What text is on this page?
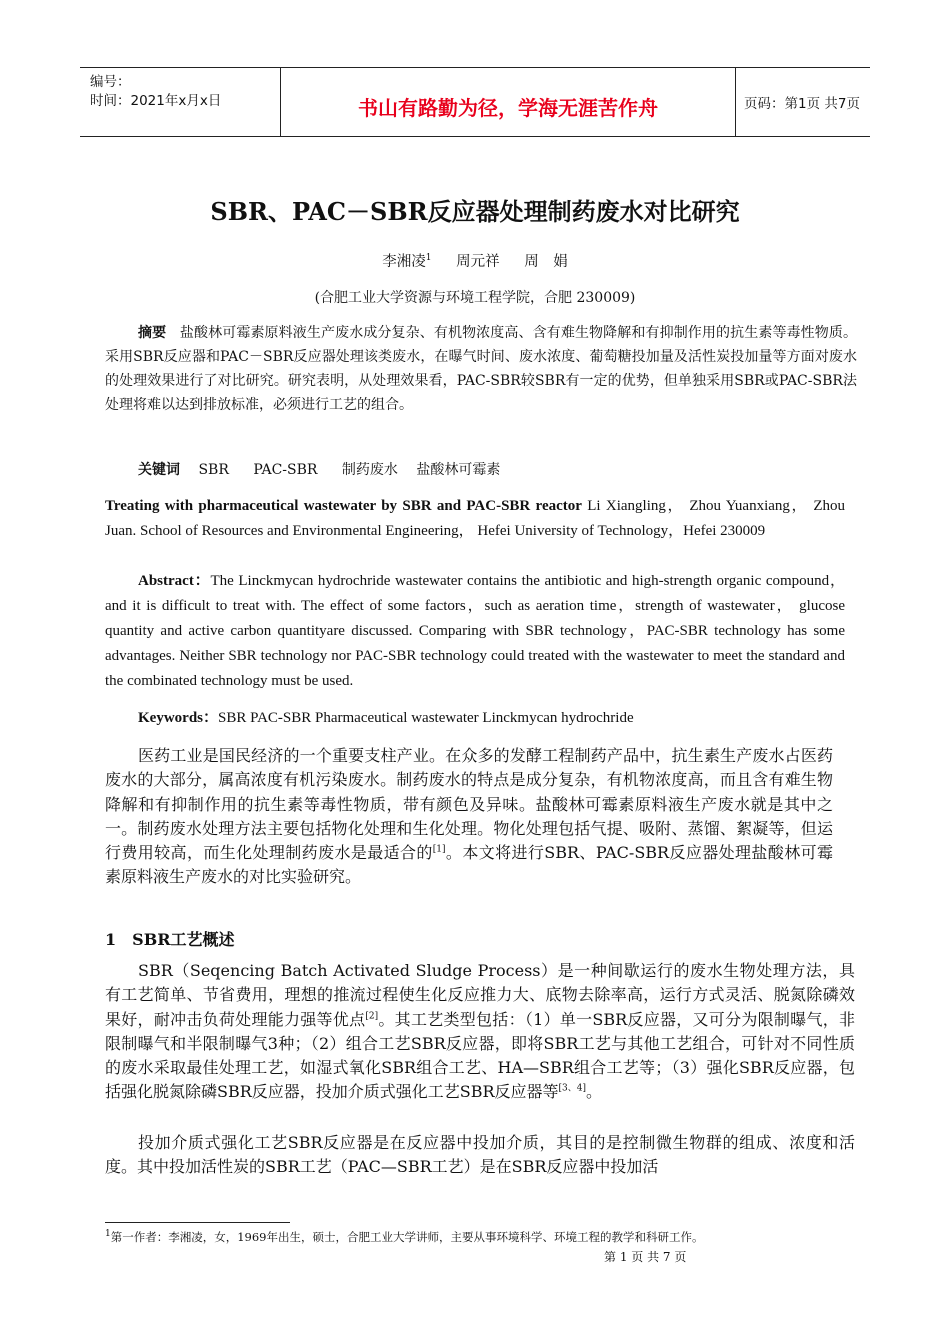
编号：
时间：2021年x月x日	书山有路勤为径，学海无涯苦作舟	页码：第1页 共7页
SBR、PAC－SBR反应器处理制药废水对比研究
李湘凌$^1$ 周元祥 周　娟
(合肥工业大学资源与环境工程学院，合肥 230009)
摘要 盐酸林可霉素原料液生产废水成分复杂、有机物浓度高、含有难生物降解和有抑制作用的抗生素等毒性物质。采用SBR反应器和PAC－SBR反应器处理该类废水，在曝气时间、废水浓度、葡萄糖投加量及活性炭投加量等方面对废水的处理效果进行了对比研究。研究表明，从处理效果看，PAC-SBR较SBR有一定的优势，但单独采用SBR或PAC-SBR法处理将难以达到排放标准，必须进行工艺的组合。
关键词 SBR PAC-SBR 制药废水 盐酸林可霉素
Treating with pharmaceutical wastewater by SBR and PAC-SBR reactor Li Xiangling， Zhou Yuanxiang， Zhou Juan. School of Resources and Environmental Engineering， Hefei University of Technology，Hefei 230009
Abstract：The Linckmycan hydrochride wastewater contains the antibiotic and high-strength organic compound，and it is difficult to treat with. The effect of some factors，such as aeration time，strength of wastewater， glucose quantity and active carbon quantityare discussed. Comparing with SBR technology，PAC-SBR technology has some advantages. Neither SBR technology nor PAC-SBR technology could treated with the wastewater to meet the standard and the combinated technology must be used.
Keywords：SBR PAC-SBR Pharmaceutical wastewater Linckmycan hydrochride
医药工业是国民经济的一个重要支柱产业。在众多的发酵工程制药产品中，抗生素生产废水占医药废水的大部分，属高浓度有机污染废水。制药废水的特点是成分复杂，有机物浓度高，而且含有难生物降解和有抑制作用的抗生素等毒性物质，带有颜色及异味。盐酸林可霉素原料液生产废水就是其中之一。制药废水处理方法主要包括物化处理和生化处理。物化处理包括气提、吸附、蒸馏、絮凝等，但运行费用较高，而生化处理制药废水是最适合的[1]。本文将进行SBR、PAC-SBR反应器处理盐酸林可霉素原料液生产废水的对比实验研究。
1　SBR工艺概述
SBR（Seqencing Batch Activated Sludge Process）是一种间歇运行的废水生物处理方法，具有工艺简单、节省费用，理想的推流过程使生化反应推力大、底物去除率高，运行方式灵活、脱氮除磷效果好，耐冲击负荷处理能力强等优点[2]。其工艺类型包括：（1）单一SBR反应器，又可分为限制曝气，非限制曝气和半限制曝气3种；（2）组合工艺SBR反应器，即将SBR工艺与其他工艺组合，可针对不同性质的废水采取最佳处理工艺，如湿式氧化SBR组合工艺、HA—SBR组合工艺等；（3）强化SBR反应器，包括强化脱氮除磷SBR反应器，投加介质式强化工艺SBR反应器等[3、4]。
投加介质式强化工艺SBR反应器是在反应器中投加介质，其目的是控制微生物群的组成、浓度和活度。其中投加活性炭的SBR工艺（PAC—SBR工艺）是在SBR反应器中投加活
$^1$第一作者：李湘凌，女，1969年出生，硕士，合肥工业大学讲师，主要从事环境科学、环境工程的教学和科研工作。
第 1 页 共 7 页
